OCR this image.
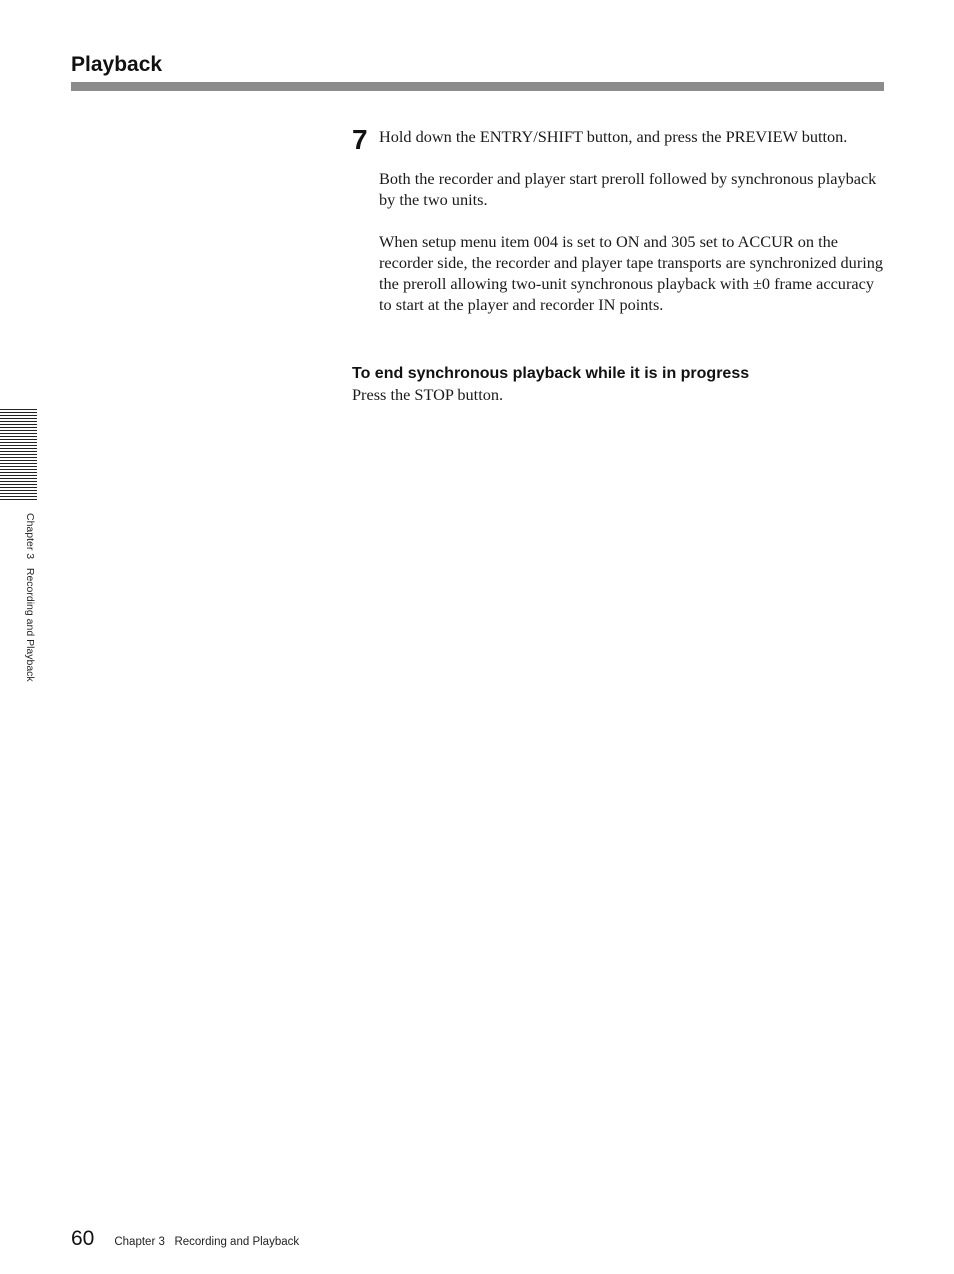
Playback
7 Hold down the ENTRY/SHIFT button, and press the PREVIEW button.

Both the recorder and player start preroll followed by synchronous playback by the two units.

When setup menu item 004 is set to ON and 305 set to ACCUR on the recorder side, the recorder and player tape transports are synchronized during the preroll allowing two-unit synchronous playback with ±0 frame accuracy to start at the player and recorder IN points.

To end synchronous playback while it is in progress

Press the STOP button.

Chapter 3   Recording and Playback
60 Chapter 3   Recording and Playback
